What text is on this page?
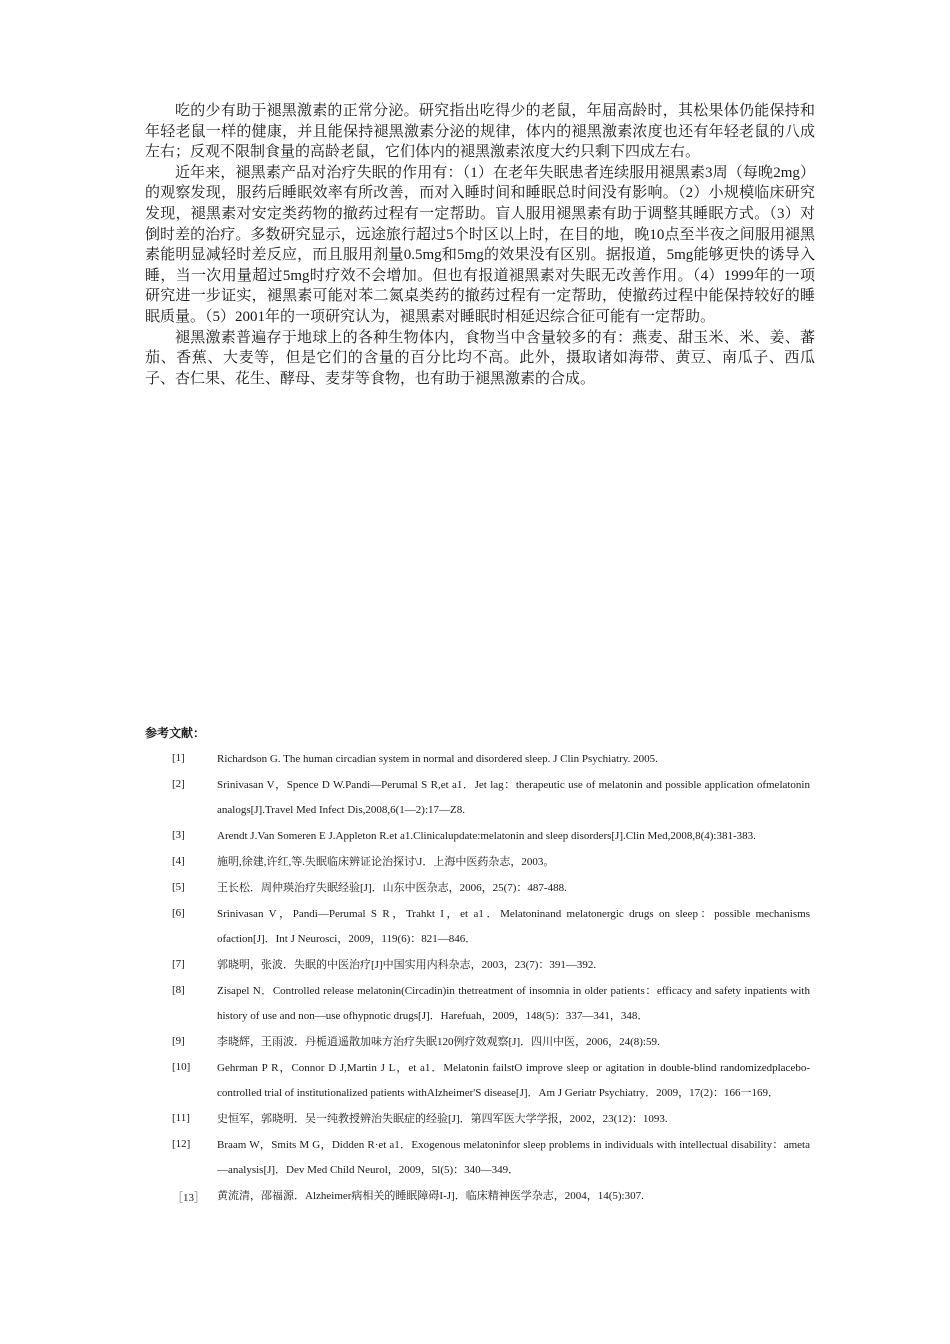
吃的少有助于褪黑激素的正常分泌。研究指出吃得少的老鼠，年届高龄时，其松果体仍能保持和年轻老鼠一样的健康，并且能保持褪黑激素分泌的规律，体内的褪黑激素浓度也还有年轻老鼠的八成左右；反观不限制食量的高龄老鼠，它们体内的褪黑激素浓度大约只剩下四成左右。

近年来，褪黑素产品对治疗失眠的作用有：（1）在老年失眠患者连续服用褪黑素3周（每晚2mg）的观察发现，服药后睡眠效率有所改善，而对入睡时间和睡眠总时间没有影响。（2）小规模临床研究发现，褪黑素对安定类药物的撤药过程有一定帮助。盲人服用褪黑素有助于调整其睡眠方式。（3）对倒时差的治疗。多数研究显示，远途旅行超过5个时区以上时，在目的地，晚10点至半夜之间服用褪黑素能明显减轻时差反应，而且服用剂量0.5mg和5mg的效果没有区别。据报道，5mg能够更快的诱导入睡，当一次用量超过5mg时疗效不会增加。但也有报道褪黑素对失眠无改善作用。（4）1999年的一项研究进一步证实，褪黑素可能对苯二氮桌类药的撤药过程有一定帮助，使撤药过程中能保持较好的睡眠质量。（5）2001年的一项研究认为，褪黑素对睡眠时相延迟综合征可能有一定帮助。

褪黑激素普遍存于地球上的各种生物体内，食物当中含量较多的有：燕麦、甜玉米、米、姜、蕃茄、香蕉、大麦等，但是它们的含量的百分比均不高。此外，摄取诸如海带、黄豆、南瓜子、西瓜子、杏仁果、花生、酵母、麦芽等食物，也有助于褪黑激素的合成。

参考文献：
[1]	Richardson G. The human circadian system in normal and disordered sleep. J Clin Psychiatry. 2005.
[2]	Srinivasan V，Spence D W.Pandi—Perumal S R,et a1．Jet lag：therapeutic use of melatonin and possible application ofmelatonin analogs[J].Travel Med Infect Dis,2008,6(1—2):17—Z8.
[3]	Arendt J.Van Someren E J.Appleton R.et a1.Clinicalupdate:melatonin and sleep disorders[J].Clin Med,2008,8(4):381-383.
[4]	施明,徐建,许红,等.失眠临床辨证论治探讨\J．上海中医药杂志，2003。
[5]	王长松．周仲瑛治疗失眠经验[J]．山东中医杂志，2006，25(7)：487-488.
[6]	Srinivasan V，Pandi—Perumal S R，Trahkt I，et a1．Melatoninand melatonergic drugs on sleep：possible mechanisms ofaction[J]．Int J Neurosci，2009，119(6)：821—846．
[7]	郭晓明，张波．失眠的中医治疗[J]中国实用内科杂志，2003，23(7)：391—392.
[8]	Zisapel N．Controlled release melatonin(Circadin)in thetreatment of insomnia in older patients：efficacy and safety inpatients with history of use and non—use ofhypnotic drugs[J]．Harefuah，2009，148(5)：337—341，348．
[9]	李晓辉，王雨波．丹栀逍遥散加味方治疗失眠120例疗效观察[J]．四川中医，2006，24(8):59.
[10]	Gehrman P R，Connor D J,Martin J L，et a1．Melatonin failstO improve sleep or agitation in double-blind randomizedplacebo-controlled trial of institutionalized patients withAlzheimer'S disease[J]．Am J Geriatr Psychiatry．2009，17(2)：166一169．
[11]	史恒军，郭晓明．吴一纯教授辨治失眠症的经验[J]．第四军医大学学报，2002，23(12)：1093.
[12]	Braam W，Smits M G，Didden R·et a1．Exogenous melatoninfor sleep problems in individuals with intellectual disability：ameta—analysis[J]．Dev Med Child Neurol，2009，5l(5)：340—349．
［13］	黄流清，邵福源．Alzheimer病相关的睡眠障碍I-J]．临床精神医学杂志，2004，14(5):307.
